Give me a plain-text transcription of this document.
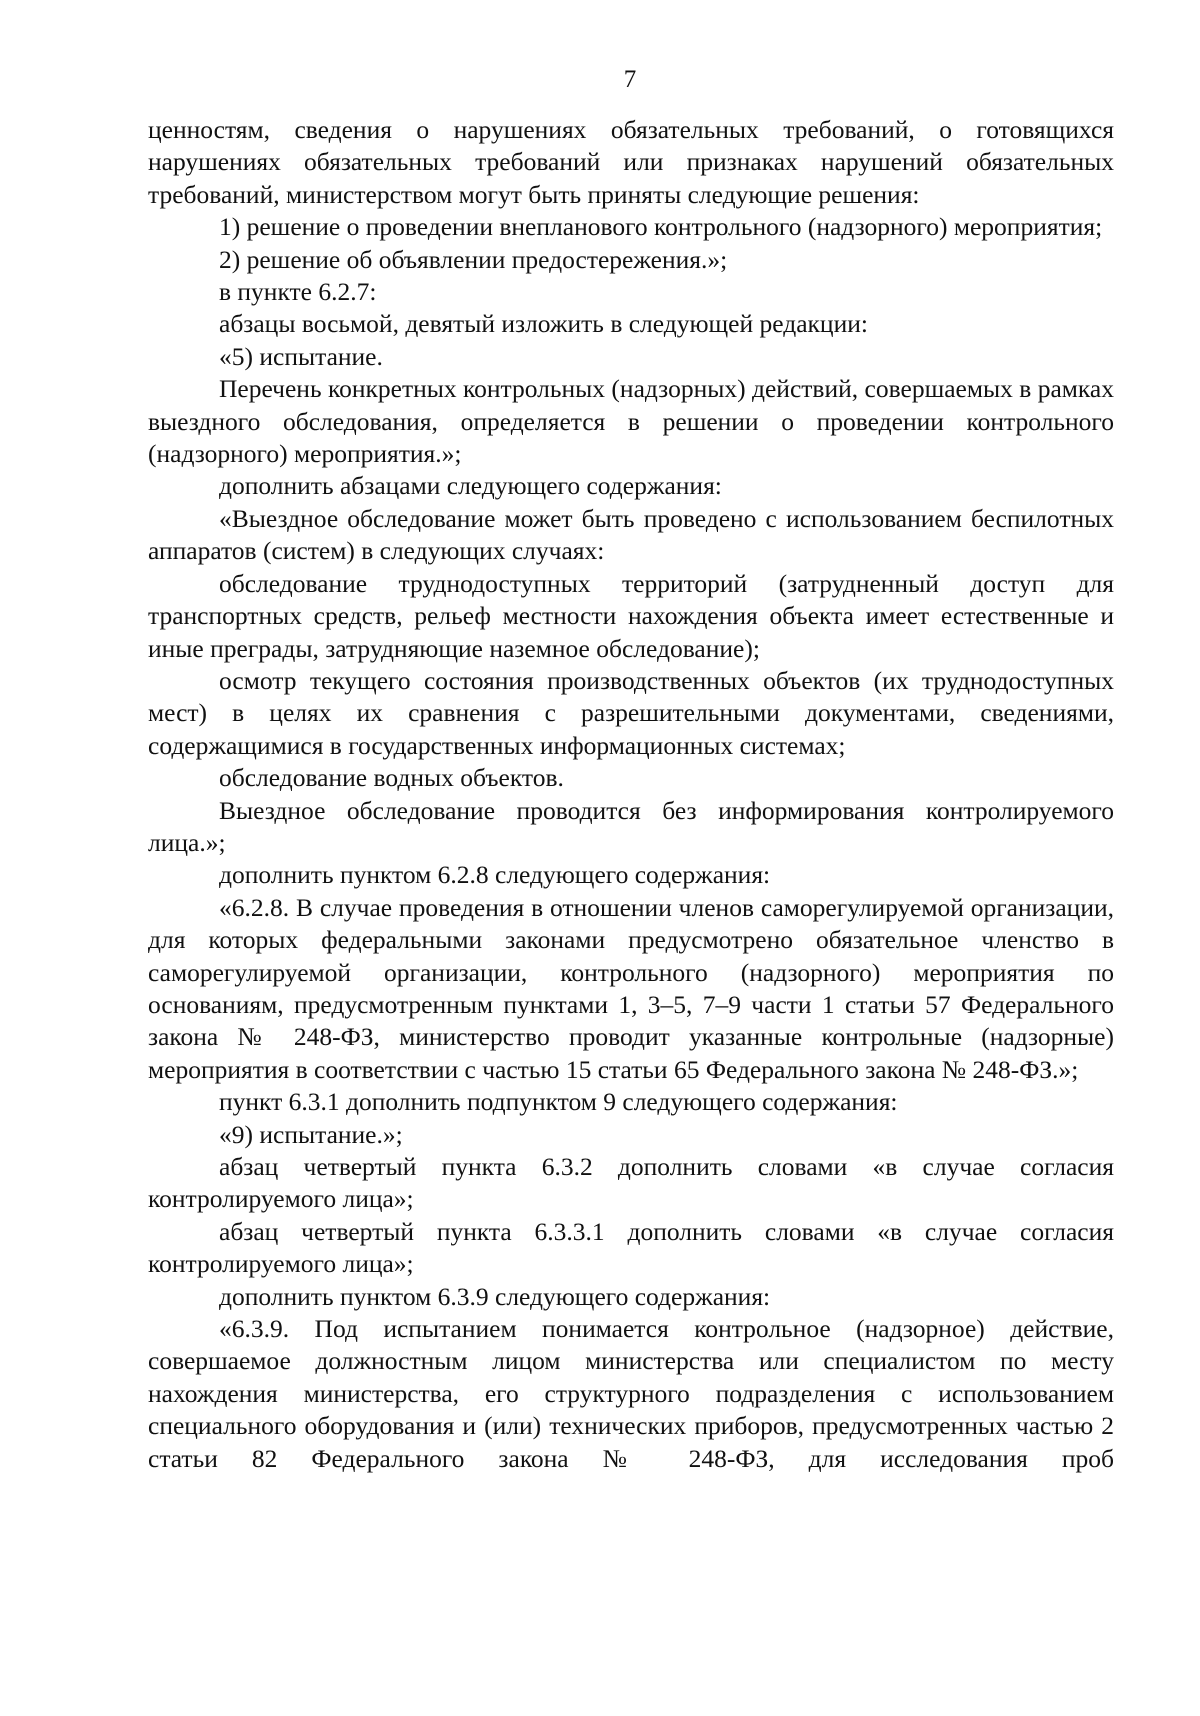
7

ценностям, сведения о нарушениях обязательных требований, о готовящихся нарушениях обязательных требований или признаках нарушений обязательных требований, министерством могут быть приняты следующие решения:

1) решение о проведении внепланового контрольного (надзорного) мероприятия;

2) решение об объявлении предостережения.»;

в пункте 6.2.7:

абзацы восьмой, девятый изложить в следующей редакции:

«5) испытание.

Перечень конкретных контрольных (надзорных) действий, совершаемых в рамках выездного обследования, определяется в решении о проведении контрольного (надзорного) мероприятия.»;

дополнить абзацами следующего содержания:

«Выездное обследование может быть проведено с использованием беспилотных аппаратов (систем) в следующих случаях:

обследование труднодоступных территорий (затрудненный доступ для транспортных средств, рельеф местности нахождения объекта имеет естественные и иные преграды, затрудняющие наземное обследование);

осмотр текущего состояния производственных объектов (их труднодоступных мест) в целях их сравнения с разрешительными документами, сведениями, содержащимися в государственных информационных системах;

обследование водных объектов.

Выездное обследование проводится без информирования контролируемого лица.»;

дополнить пунктом 6.2.8 следующего содержания:

«6.2.8. В случае проведения в отношении членов саморегулируемой организации, для которых федеральными законами предусмотрено обязательное членство в саморегулируемой организации, контрольного (надзорного) мероприятия по основаниям, предусмотренным пунктами 1, 3–5, 7–9 части 1 статьи 57 Федерального закона № 248-ФЗ, министерство проводит указанные контрольные (надзорные) мероприятия в соответствии с частью 15 статьи 65 Федерального закона № 248-ФЗ.»;

пункт 6.3.1 дополнить подпунктом 9 следующего содержания:

«9) испытание.»;

абзац четвертый пункта 6.3.2 дополнить словами «в случае согласия контролируемого лица»;

абзац четвертый пункта 6.3.3.1 дополнить словами «в случае согласия контролируемого лица»;

дополнить пунктом 6.3.9 следующего содержания:

«6.3.9. Под испытанием понимается контрольное (надзорное) действие, совершаемое должностным лицом министерства или специалистом по месту нахождения министерства, его структурного подразделения с использованием специального оборудования и (или) технических приборов, предусмотренных частью 2 статьи 82 Федерального закона № 248-ФЗ, для исследования проб
